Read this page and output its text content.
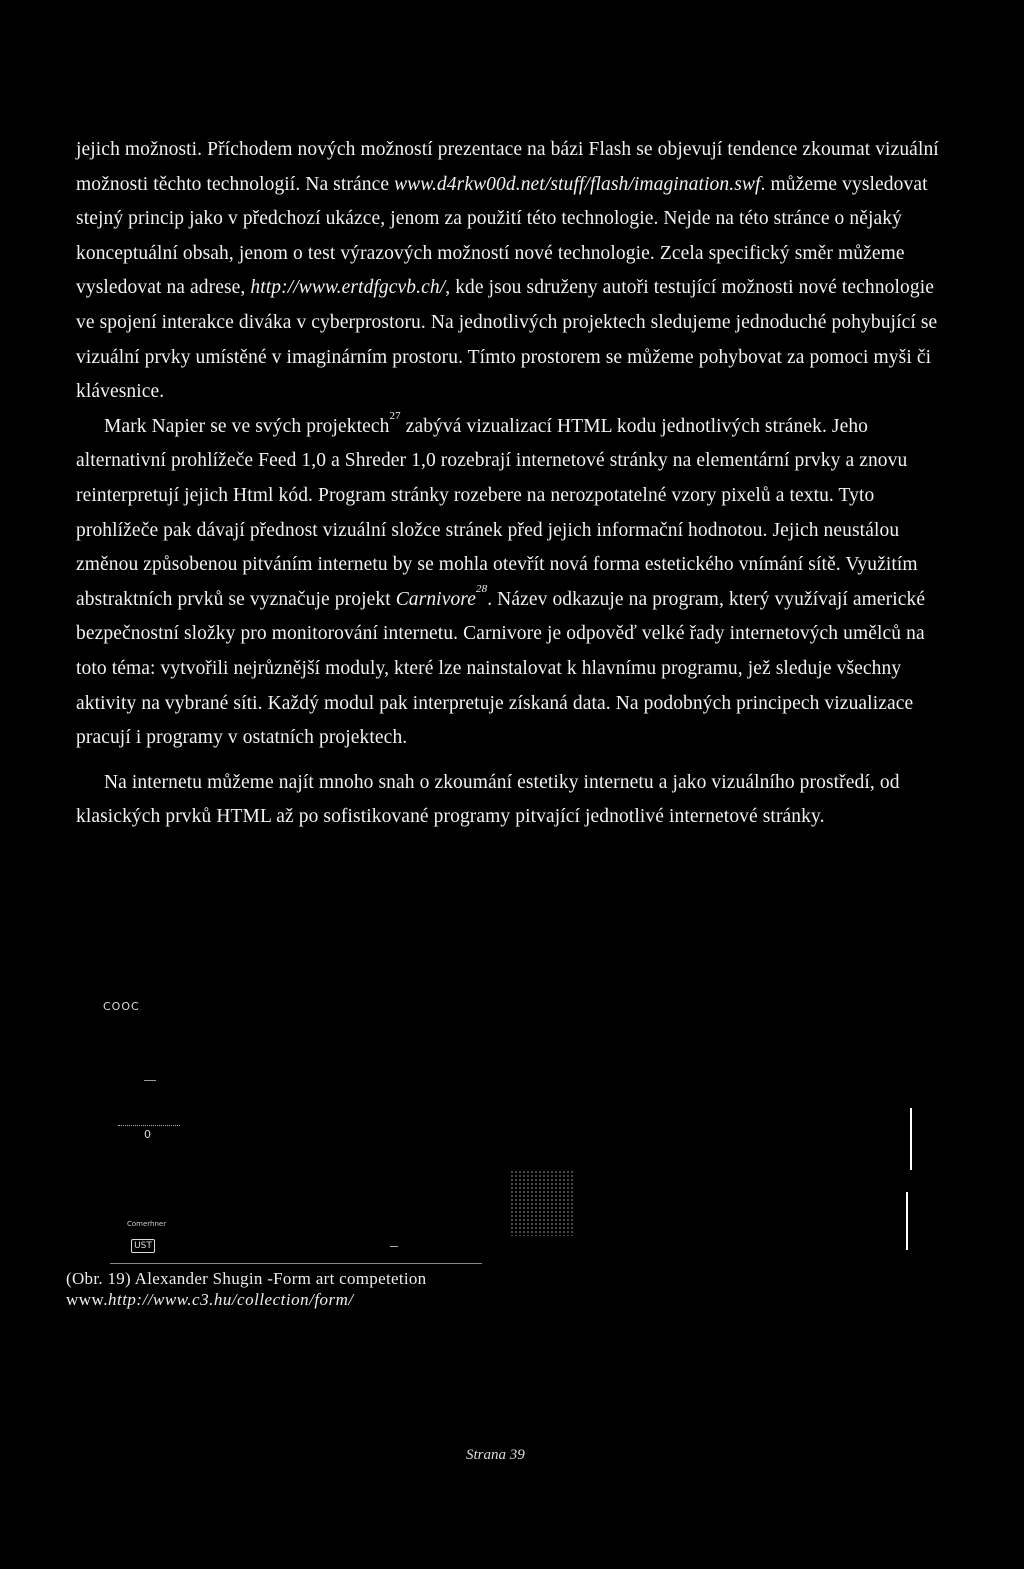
jejich možnosti. Příchodem nových možností prezentace na bázi Flash se objevují tendence zkoumat vizuální možnosti těchto technologií. Na stránce www.d4rkw00d.net/stuff/flash/imagination.swf. můžeme vysledovat stejný princip jako v předchozí ukázce, jenom za použití této technologie. Nejde na této stránce o nějaký konceptuální obsah, jenom o test výrazových možností nové technologie. Zcela specifický směr můžeme vysledovat na adrese, http://www.ertdfgcvb.ch/, kde jsou sdruženy autoři testující možnosti nové technologie ve spojení interakce diváka v cyberprostoru. Na jednotlivých projektech sledujeme jednoduché pohybující se vizuální prvky umístěné v imaginárním prostoru. Tímto prostorem se můžeme pohybovat za pomoci myši či klávesnice.

Mark Napier se ve svých projektech$^{27}$ zabývá vizualizací HTML kodu jednotlivých stránek. Jeho alternativní prohlížeče Feed 1,0 a Shreder 1,0 rozebrají internetové stránky na elementární prvky a znovu reinterpretují jejich Html kód. Program stránky rozebere na nerozpotatelné vzory pixelů a textu. Tyto prohlížeče pak dávají přednost vizuální složce stránek před jejich informační hodnotou. Jejich neustálou změnou způsobenou pitváním internetu by se mohla otevřít nová forma estetického vnímání sítě. Využitím abstraktních prvků se vyznačuje projekt Carnivore$^{28}$. Název odkazuje na program, který využívají americké bezpečnostní složky pro monitorování internetu. Carnivore je odpověď velké řady internetových umělců na toto téma: vytvořili nejrůznější moduly, které lze nainstalovat k hlavnímu programu, jež sleduje všechny aktivity na vybrané síti. Každý modul pak interpretuje získaná data. Na podobných principech vizualizace pracují i programy v ostatních projektech.

Na internetu můžeme najít mnoho snah o zkoumání estetiky internetu a jako vizuálního prostředí, od klasických prvků HTML až po sofistikované programy pitvající jednotlivé internetové stránky.

COOC
0
Comerhner
UST
(Obr. 19) Alexander Shugin -Form art competetion
www.http://www.c3.hu/collection/form/
Strana 39
